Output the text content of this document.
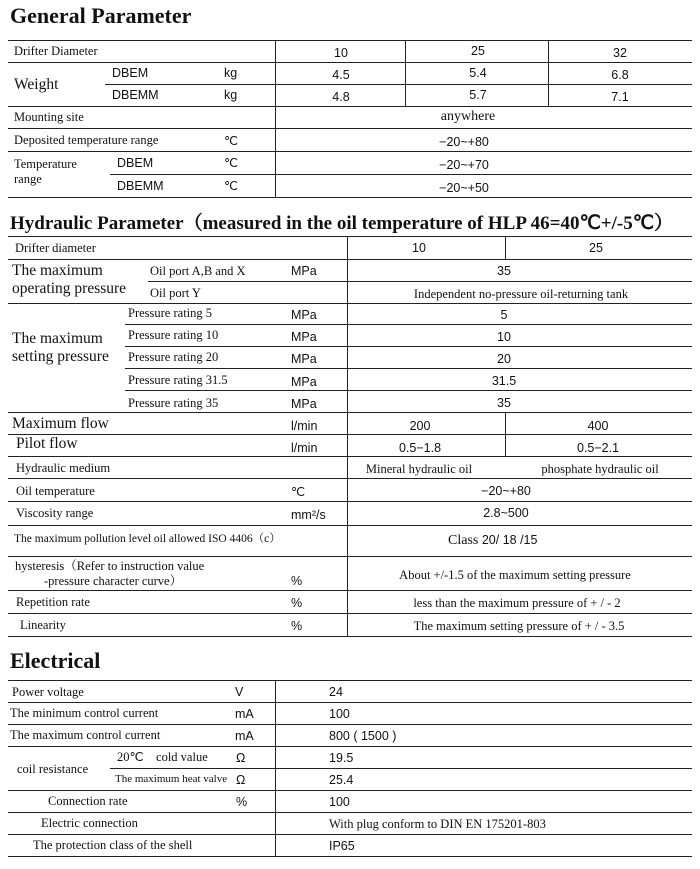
General Parameter
Drifter Diameter	10	25	32
Weight
DBEM	kg	4.5	5.4	6.8
DBEMM	kg	4.8	5.7	7.1
Mounting site	anywhere
Deposited temperature range	℃	−20~+80
Temperature
range
DBEM	℃	−20~+70
DBEMM	℃	−20~+50
Hydraulic Parameter（measured in the oil temperature of HLP 46=40℃+/-5℃）
Drifter diameter	10	25
The maximum
operating pressure
Oil port A,B and X	MPa	35
Oil port Y	Independent no-pressure oil-returning tank
The maximum
setting pressure
Pressure rating 5	MPa	5
Pressure rating 10	MPa	10
Pressure rating 20	MPa	20
Pressure rating 31.5	MPa	31.5
Pressure rating 35	MPa	35
Maximum flow	l/min	200	400
Pilot flow	l/min	0.5−1.8	0.5−2.1
Hydraulic medium	Mineral hydraulic oil	phosphate hydraulic oil
Oil temperature	℃	−20~+80
Viscosity range	mm²/s	2.8~500
The maximum pollution level oil allowed ISO 4406（c）	Class 20/ 18 /15
hysteresis（Refer to instruction value
-pressure character curve）	%	About +/-1.5 of the maximum setting pressure
Repetition rate	%	less than the maximum pressure of + / - 2
Linearity	%	The maximum setting pressure of + / - 3.5
Electrical
Power voltage	V	24
The minimum control current	mA	100
The maximum control current	mA	800 ( 1500 )
coil resistance
20℃　cold value Ω	19.5
The maximum heat valve Ω	25.4
Connection rate	%	100
Electric connection	With plug conform to DIN EN 175201-803
The protection class of the shell	IP65
